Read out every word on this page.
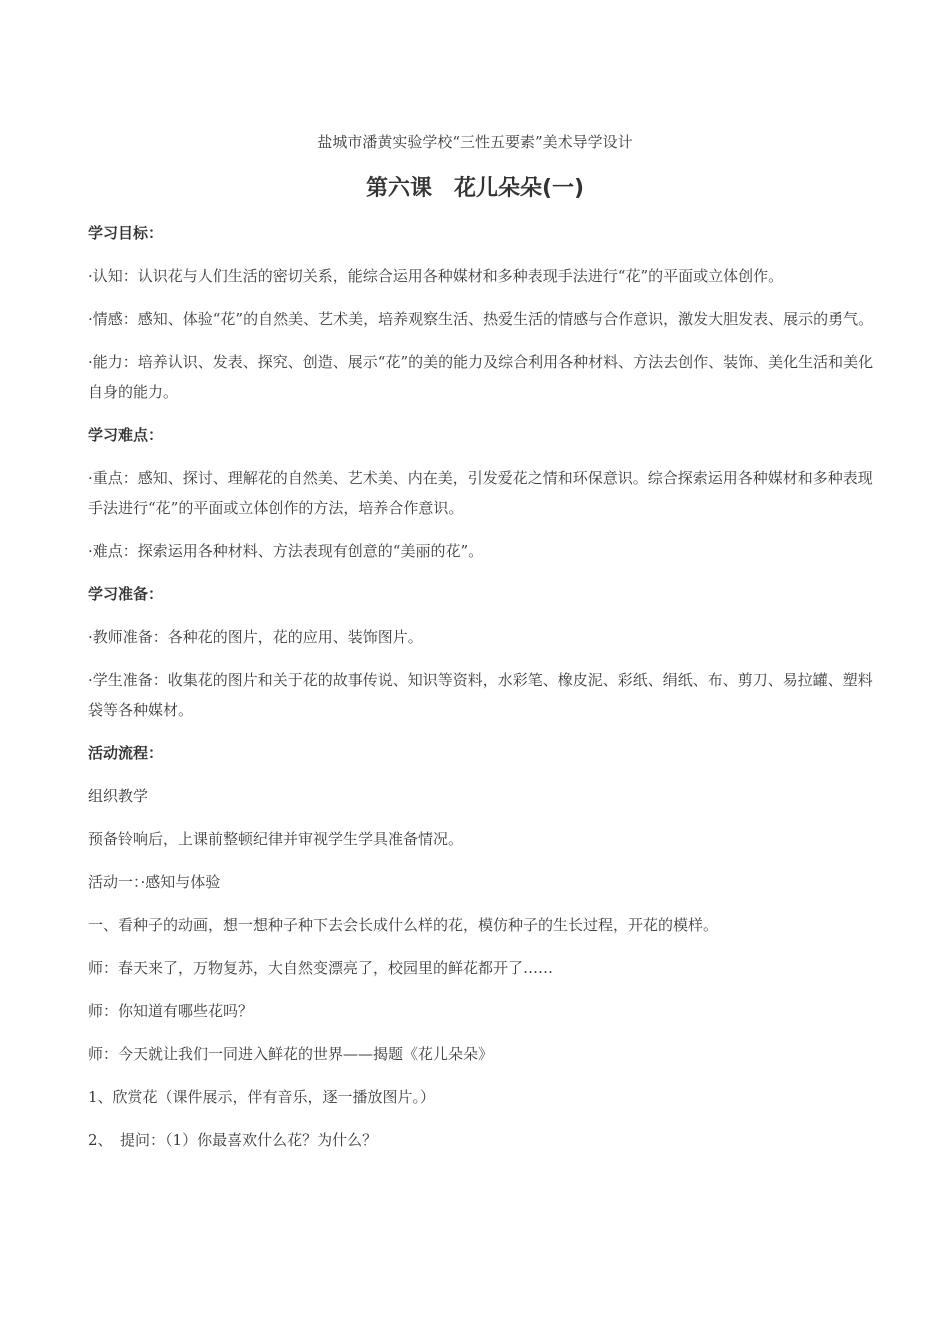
盐城市潘黄实验学校“三性五要素”美术导学设计
第六课　花儿朵朵(一)
学习目标：
·认知：认识花与人们生活的密切关系，能综合运用各种媒材和多种表现手法进行“花”的平面或立体创作。
·情感：感知、体验“花”的自然美、艺术美，培养观察生活、热爱生活的情感与合作意识，激发大胆发表、展示的勇气。
·能力：培养认识、发表、探究、创造、展示“花”的美的能力及综合利用各种材料、方法去创作、装饰、美化生活和美化自身的能力。
学习难点：
·重点：感知、探讨、理解花的自然美、艺术美、内在美，引发爱花之情和环保意识。综合探索运用各种媒材和多种表现手法进行“花”的平面或立体创作的方法，培养合作意识。
·难点：探索运用各种材料、方法表现有创意的“美丽的花”。
学习准备：
·教师准备：各种花的图片，花的应用、装饰图片。
·学生准备：收集花的图片和关于花的故事传说、知识等资料，水彩笔、橡皮泥、彩纸、绢纸、布、剪刀、易拉罐、塑料袋等各种媒材。
活动流程：
组织教学
预备铃响后，上课前整顿纪律并审视学生学具准备情况。
活动一：·感知与体验
一、看种子的动画，想一想种子种下去会长成什么样的花，模仿种子的生长过程，开花的模样。
师：春天来了，万物复苏，大自然变漂亮了，校园里的鲜花都开了……
师：你知道有哪些花吗？
师：今天就让我们一同进入鲜花的世界——揭题《花儿朵朵》
1、欣赏花（课件展示，伴有音乐，逐一播放图片。）
2、　提问：（1）你最喜欢什么花？为什么？
